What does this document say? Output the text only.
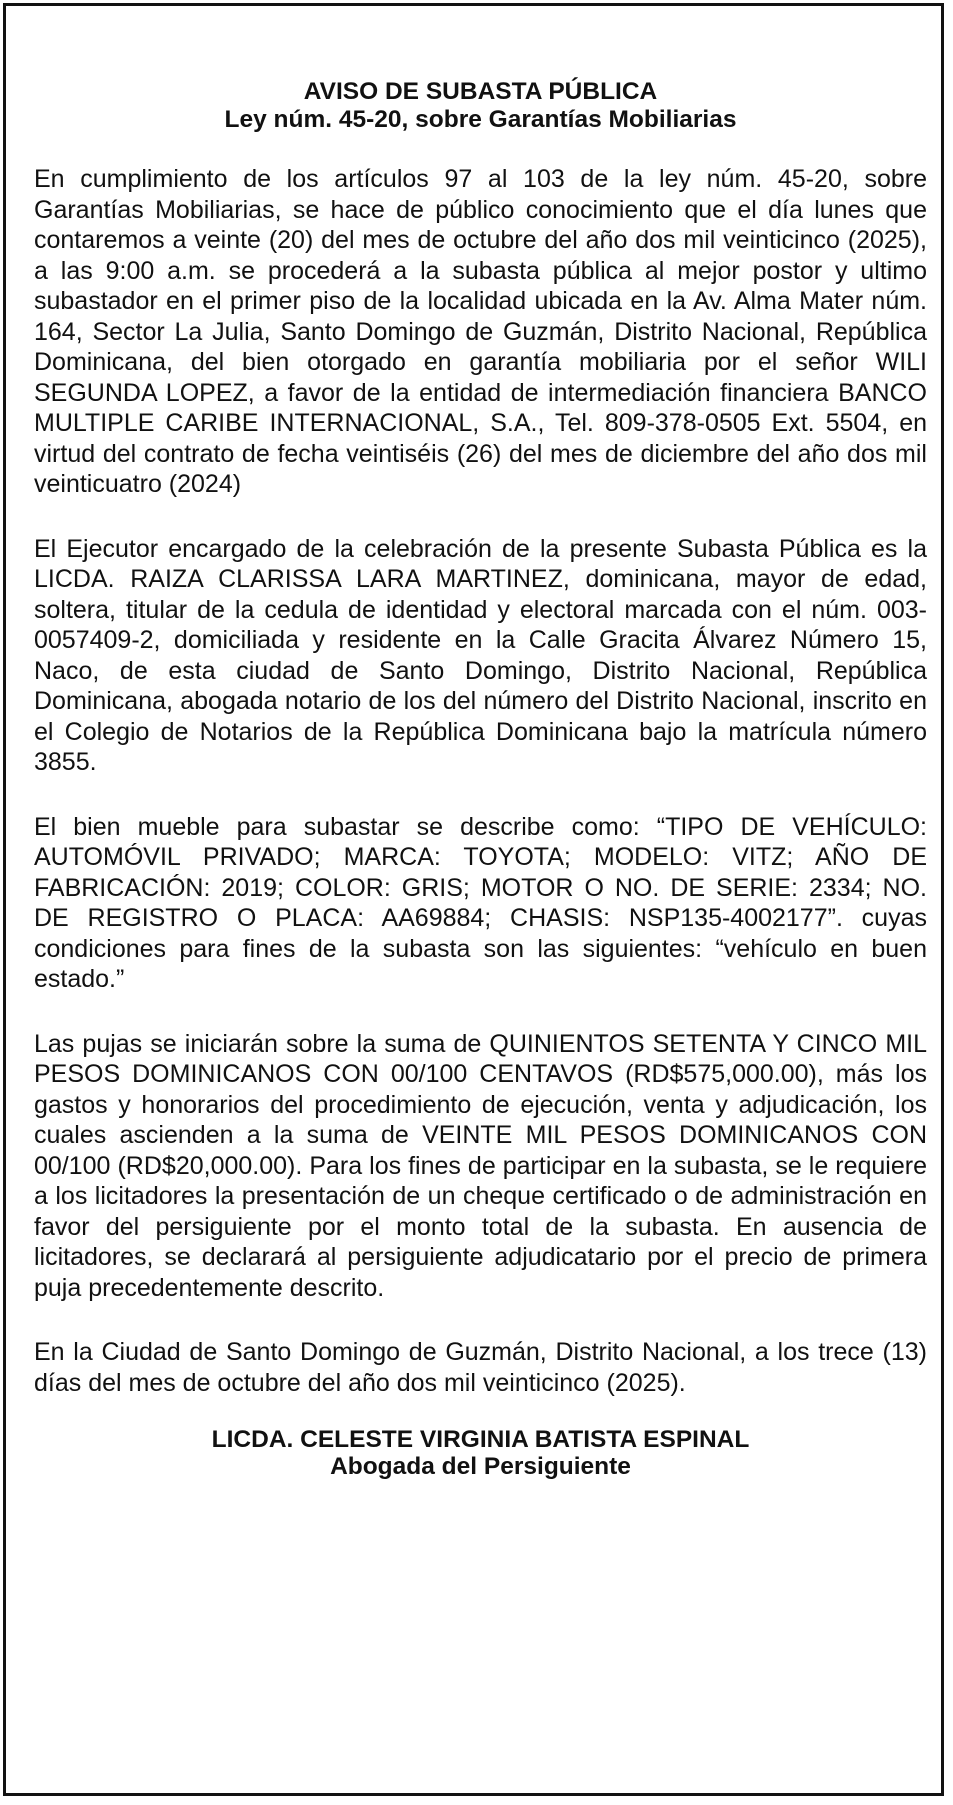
AVISO DE SUBASTA PÚBLICA

Ley núm. 45-20, sobre Garantías Mobiliarias

En cumplimiento de los artículos 97 al 103 de la ley núm. 45-20, sobre Garantías Mobiliarias, se hace de público conocimiento que el día lunes que contaremos a veinte (20) del mes de octubre del año dos mil veinticinco (2025), a las 9:00 a.m. se procederá a la subasta pública al mejor postor y ultimo subastador en el primer piso de la localidad ubicada en la Av. Alma Mater núm. 164, Sector La Julia, Santo Domingo de Guzmán, Distrito Nacional, República Dominicana, del bien otorgado en garantía mobiliaria por el señor WILI SEGUNDA LOPEZ, a favor de la entidad de intermediación financiera BANCO MULTIPLE CARIBE INTERNACIONAL, S.A., Tel. 809-378-0505 Ext. 5504, en virtud del contrato de fecha veintiséis (26) del mes de diciembre del año dos mil veinticuatro (2024)

El Ejecutor encargado de la celebración de la presente Subasta Pública es la LICDA. RAIZA CLARISSA LARA MARTINEZ, dominicana, mayor de edad, soltera, titular de la cedula de identidad y electoral marcada con el núm. 003-0057409-2, domiciliada y residente en la Calle Gracita Álvarez Número 15, Naco, de esta ciudad de Santo Domingo, Distrito Nacional, República Dominicana, abogada notario de los del número del Distrito Nacional, inscrito en el Colegio de Notarios de la República Dominicana bajo la matrícula número 3855.

El bien mueble para subastar se describe como: “TIPO DE VEHÍCULO: AUTOMÓVIL PRIVADO; MARCA: TOYOTA; MODELO: VITZ; AÑO DE FABRICACIÓN: 2019; COLOR: GRIS; MOTOR O NO. DE SERIE: 2334; NO. DE REGISTRO O PLACA: AA69884; CHASIS: NSP135-4002177”. cuyas condiciones para fines de la subasta son las siguientes: “vehículo en buen estado.”

Las pujas se iniciarán sobre la suma de QUINIENTOS SETENTA Y CINCO MIL PESOS DOMINICANOS CON 00/100 CENTAVOS (RD$575,000.00), más los gastos y honorarios del procedimiento de ejecución, venta y adjudicación, los cuales ascienden a la suma de VEINTE MIL PESOS DOMINICANOS CON 00/100 (RD$20,000.00). Para los fines de participar en la subasta, se le requiere a los licitadores la presentación de un cheque certificado o de administración en favor del persiguiente por el monto total de la subasta. En ausencia de licitadores, se declarará al persiguiente adjudicatario por el precio de primera puja precedentemente descrito.

En la Ciudad de Santo Domingo de Guzmán, Distrito Nacional, a los trece (13) días del mes de octubre del año dos mil veinticinco (2025).

LICDA. CELESTE VIRGINIA BATISTA ESPINAL

Abogada del Persiguiente
